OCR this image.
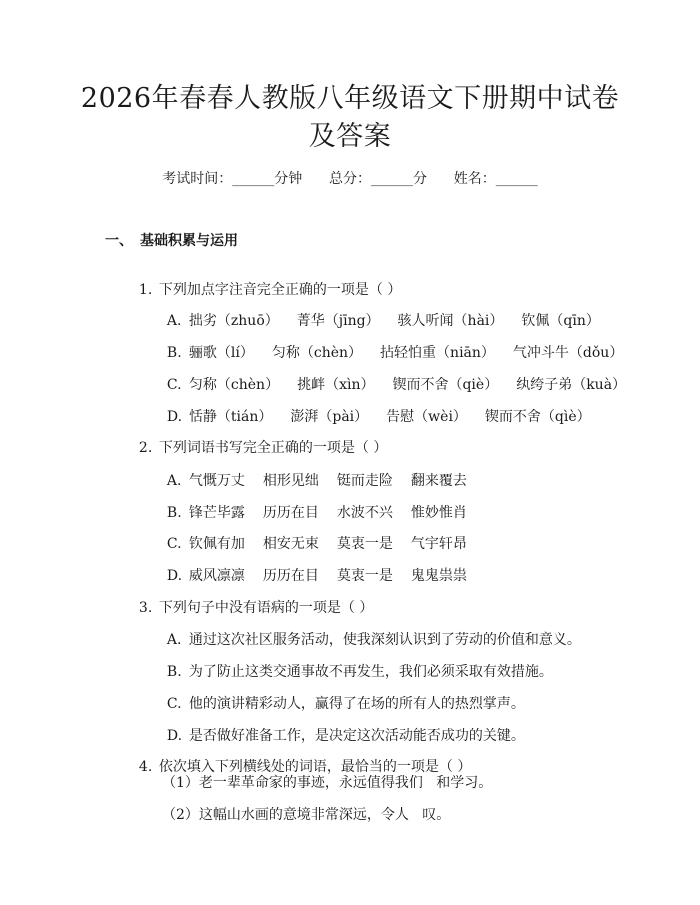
2026年春春人教版八年级语文下册期中试卷
及答案
考试时间：______分钟      总分：______分      姓名：______
一、 基础积累与运用

1. 下列加点字注音完全正确的一项是（ ）

A. 拙劣（zhuō） 菁华（jīng） 骇人听闻（hài） 钦佩（qīn）

B. 骊歌（lí） 匀称（chèn） 拈轻怕重（niān） 气冲斗牛（dǒu）

C. 匀称（chèn） 挑衅（xìn） 锲而不舍（qiè） 纨绔子弟（kuà）

D. 恬静（tián） 澎湃（pài） 告慰（wèi） 锲而不舍（qìè）

2. 下列词语书写完全正确的一项是（ ）

A. 气慨万丈 相形见绌 铤而走险 翻来覆去

B. 锋芒毕露 历历在目 水波不兴 惟妙惟肖

C. 钦佩有加 相安无束 莫衷一是 气宇轩昂

D. 威风凛凛 历历在目 莫衷一是 鬼鬼祟祟

3. 下列句子中没有语病的一项是（ ）

A. 通过这次社区服务活动，使我深刻认识到了劳动的价值和意义。

B. 为了防止这类交通事故不再发生，我们必须采取有效措施。

C. 他的演讲精彩动人，赢得了在场的所有人的热烈掌声。

D. 是否做好准备工作，是决定这次活动能否成功的关键。

4. 依次填入下列横线处的词语，最恰当的一项是（ ）

（1）老一辈革命家的事迹，永远值得我们   和学习。
（2）这幅山水画的意境非常深远，令人   叹。
